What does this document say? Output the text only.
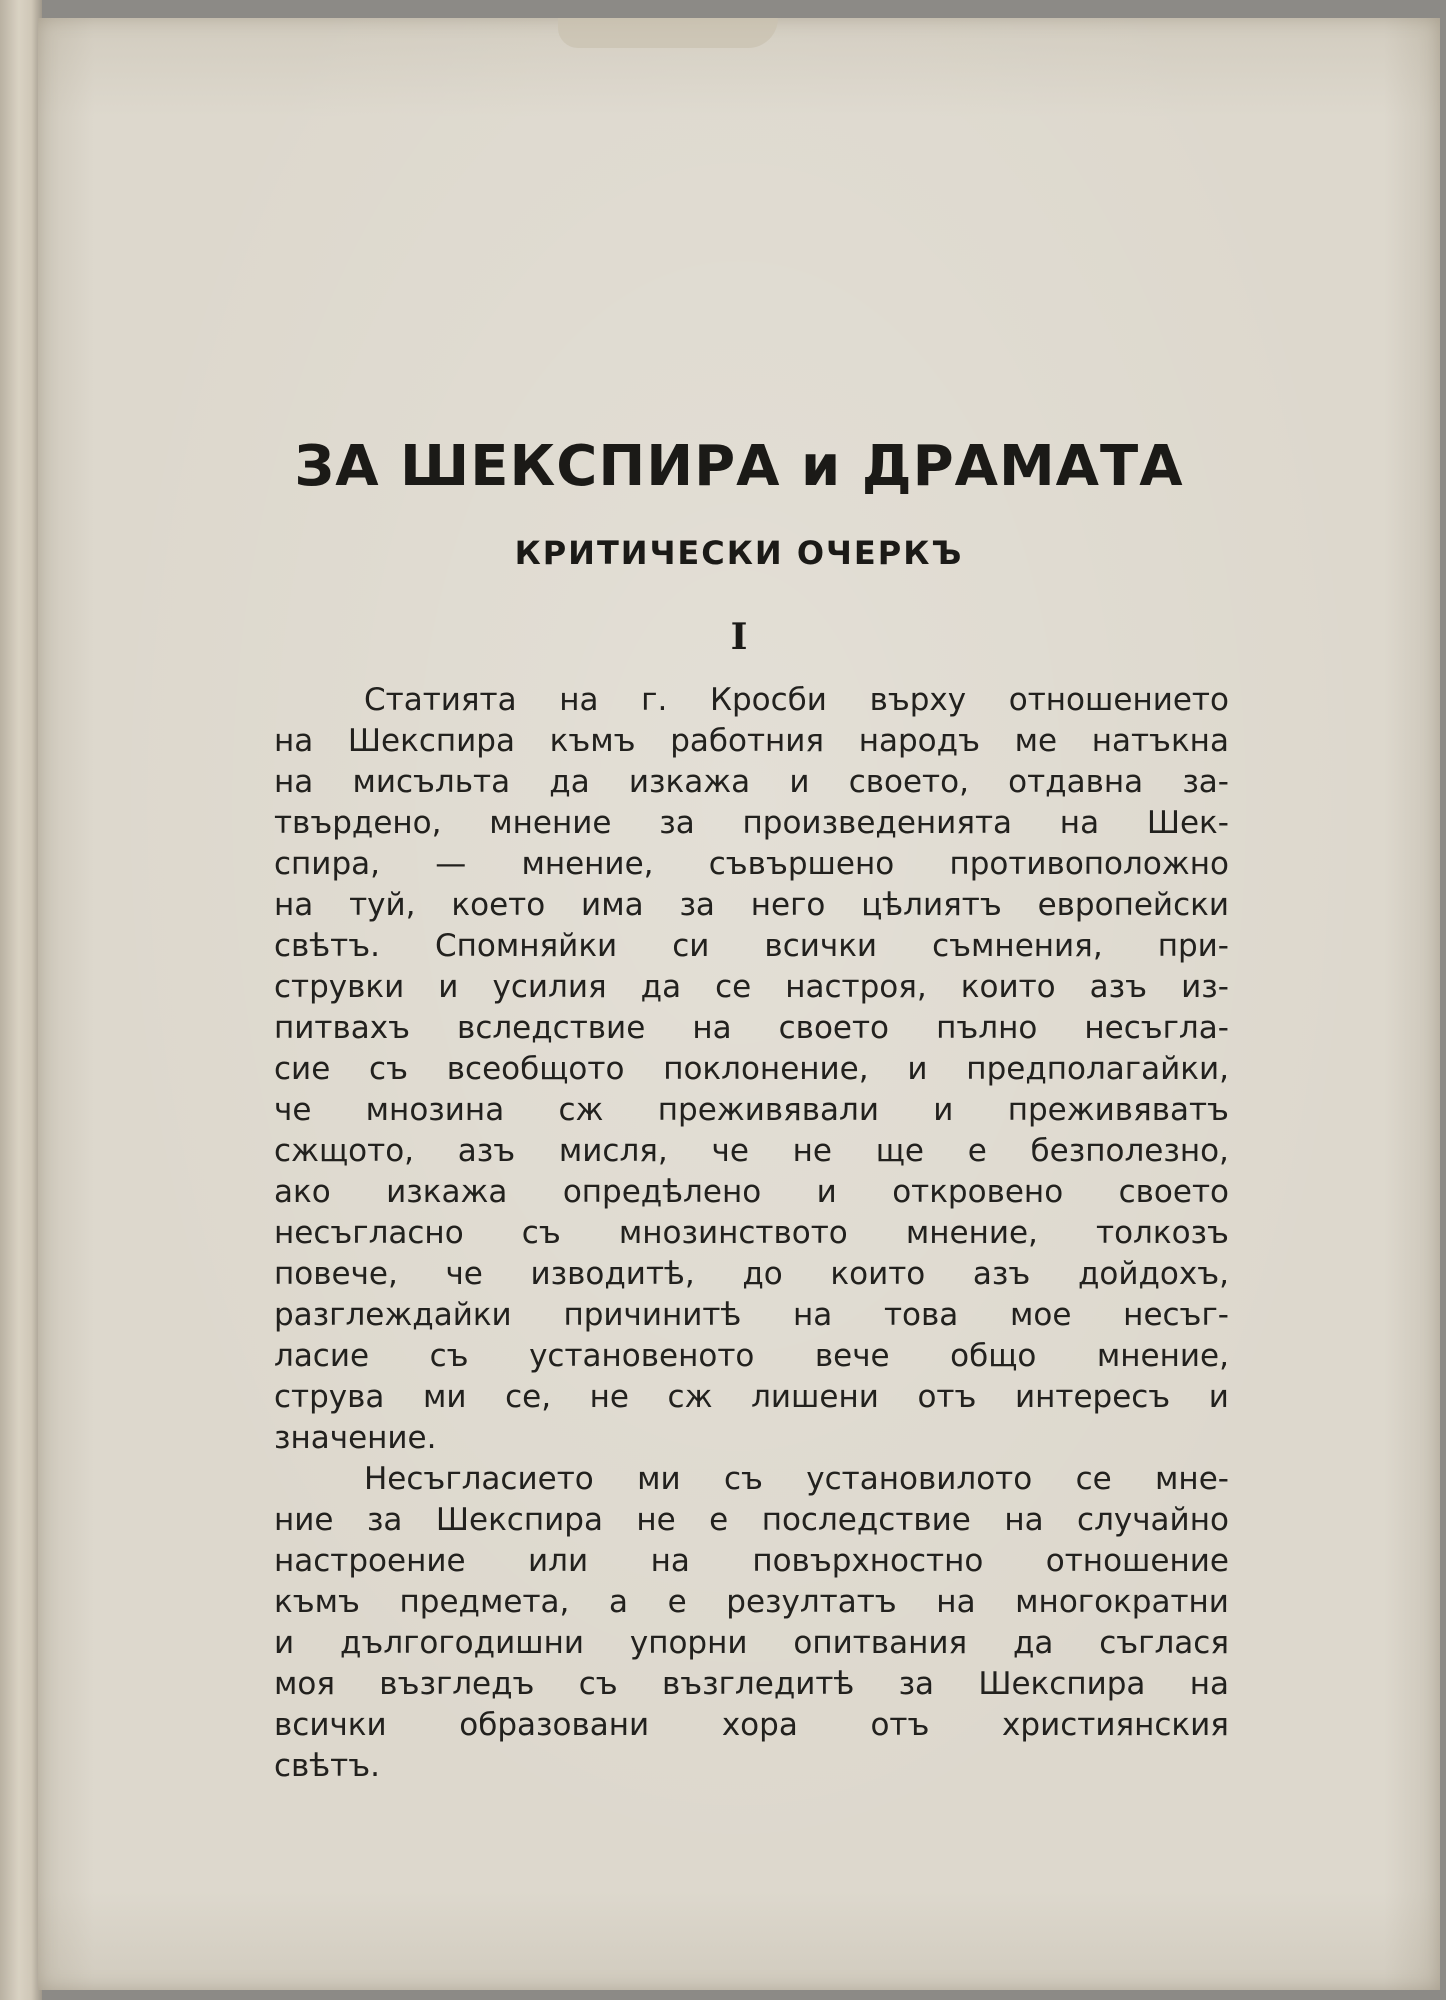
ЗА ШЕКСПИРА и ДРАМАТА
КРИТИЧЕСКИ ОЧЕРКЪ
I
Статията на г. Кросби върху отношението
на Шекспира къмъ работния народъ ме натъкна
на мисъльта да изкажа и своето, отдавна за-
твърдено, мнение за произведенията на Шек-
спира, — мнение, съвършено противоположно
на туй, което има за него цѣлиятъ европейски
свѣтъ. Спомняйки си всички съмнения, при-
струвки и усилия да се настроя, които азъ из-
питвахъ вследствие на своето пълно несъгла-
сие съ всеобщото поклонение, и предполагайки,
че мнозина сж преживявали и преживяватъ
сжщото, азъ мисля, че не ще е безполезно,
ако изкажа опредѣлено и откровено своето
несъгласно съ мнозинството мнение, толкозъ
повече, че изводитѣ, до които азъ дойдохъ,
разглеждайки причинитѣ на това мое несъг-
ласие съ установеното вече общо мнение,
струва ми се, не сж лишени отъ интересъ и
значение.
Несъгласието ми съ установилото се мне-
ние за Шекспира не е последствие на случайно
настроение или на повърхностно отношение
къмъ предмета, а е резултатъ на многократни
и дългогодишни упорни опитвания да съглася
моя възгледъ съ възгледитѣ за Шекспира на
всички образовани хора отъ християнския
свѣтъ.
